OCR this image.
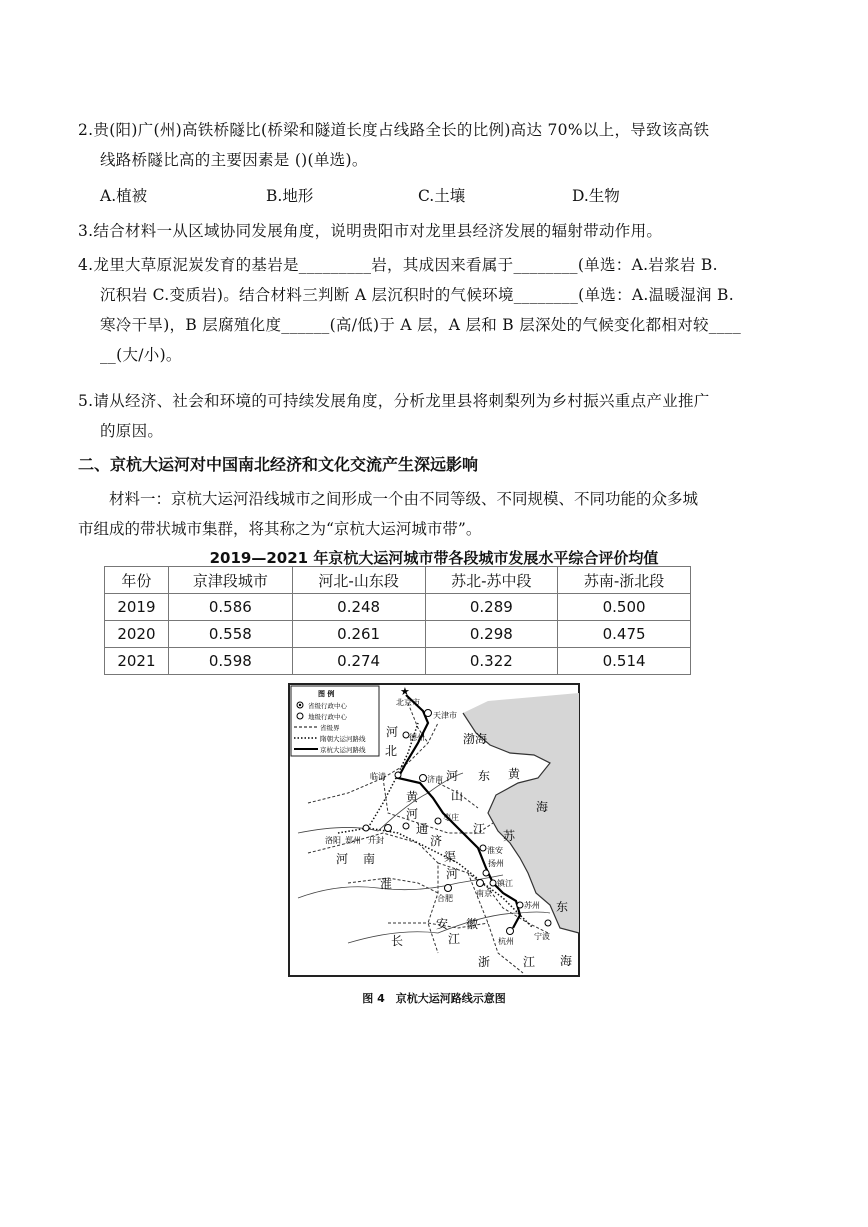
2.贵(阳)广(州)高铁桥隧比(桥梁和隧道长度占线路全长的比例)高达 70%以上，导致该高铁
线路桥隧比高的主要因素是 ()(单选)。
A.植被	B.地形	C.土壤	D.生物
3.结合材料一从区域协同发展角度，说明贵阳市对龙里县经济发展的辐射带动作用。
4.龙里大草原泥炭发育的基岩是_________岩，其成因来看属于________(单选：A.岩浆岩 B.
沉积岩 C.变质岩)。结合材料三判断 A 层沉积时的气候环境________(单选：A.温暖湿润 B.
寒冷干旱)，B 层腐殖化度______(高/低)于 A 层，A 层和 B 层深处的气候变化都相对较____
__(大/小)。
5.请从经济、社会和环境的可持续发展角度，分析龙里县将刺梨列为乡村振兴重点产业推广
的原因。
二、京杭大运河对中国南北经济和文化交流产生深远影响
　　材料一：京杭大运河沿线城市之间形成一个由不同等级、不同规模、不同功能的众多城
市组成的带状城市集群，将其称之为“京杭大运河城市带”。
2019—2021 年京杭大运河城市带各段城市发展水平综合评价均值
年份	京津段城市	河北-山东段	苏北-苏中段	苏南-浙北段
2019	0.586	0.248	0.289	0.500
2020	0.558	0.261	0.298	0.475
2021	0.598	0.274	0.322	0.514
图 例
省级行政中心
地级行政中心
省级界
隋朝大运河路线
京杭大运河路线
★
北京市
天津市
德州
临清	济南
枣庄
淮安
扬州
镇江
南京
苏州
杭州
宁波
合肥
洛阳 郑州 开封
渤海
黄
海
河
北
河 东
山
黄
河
江 苏
河 南
通
济
渠
淮
河
安 徽
浙	江
东
海
长	江
图 4　京杭大运河路线示意图
